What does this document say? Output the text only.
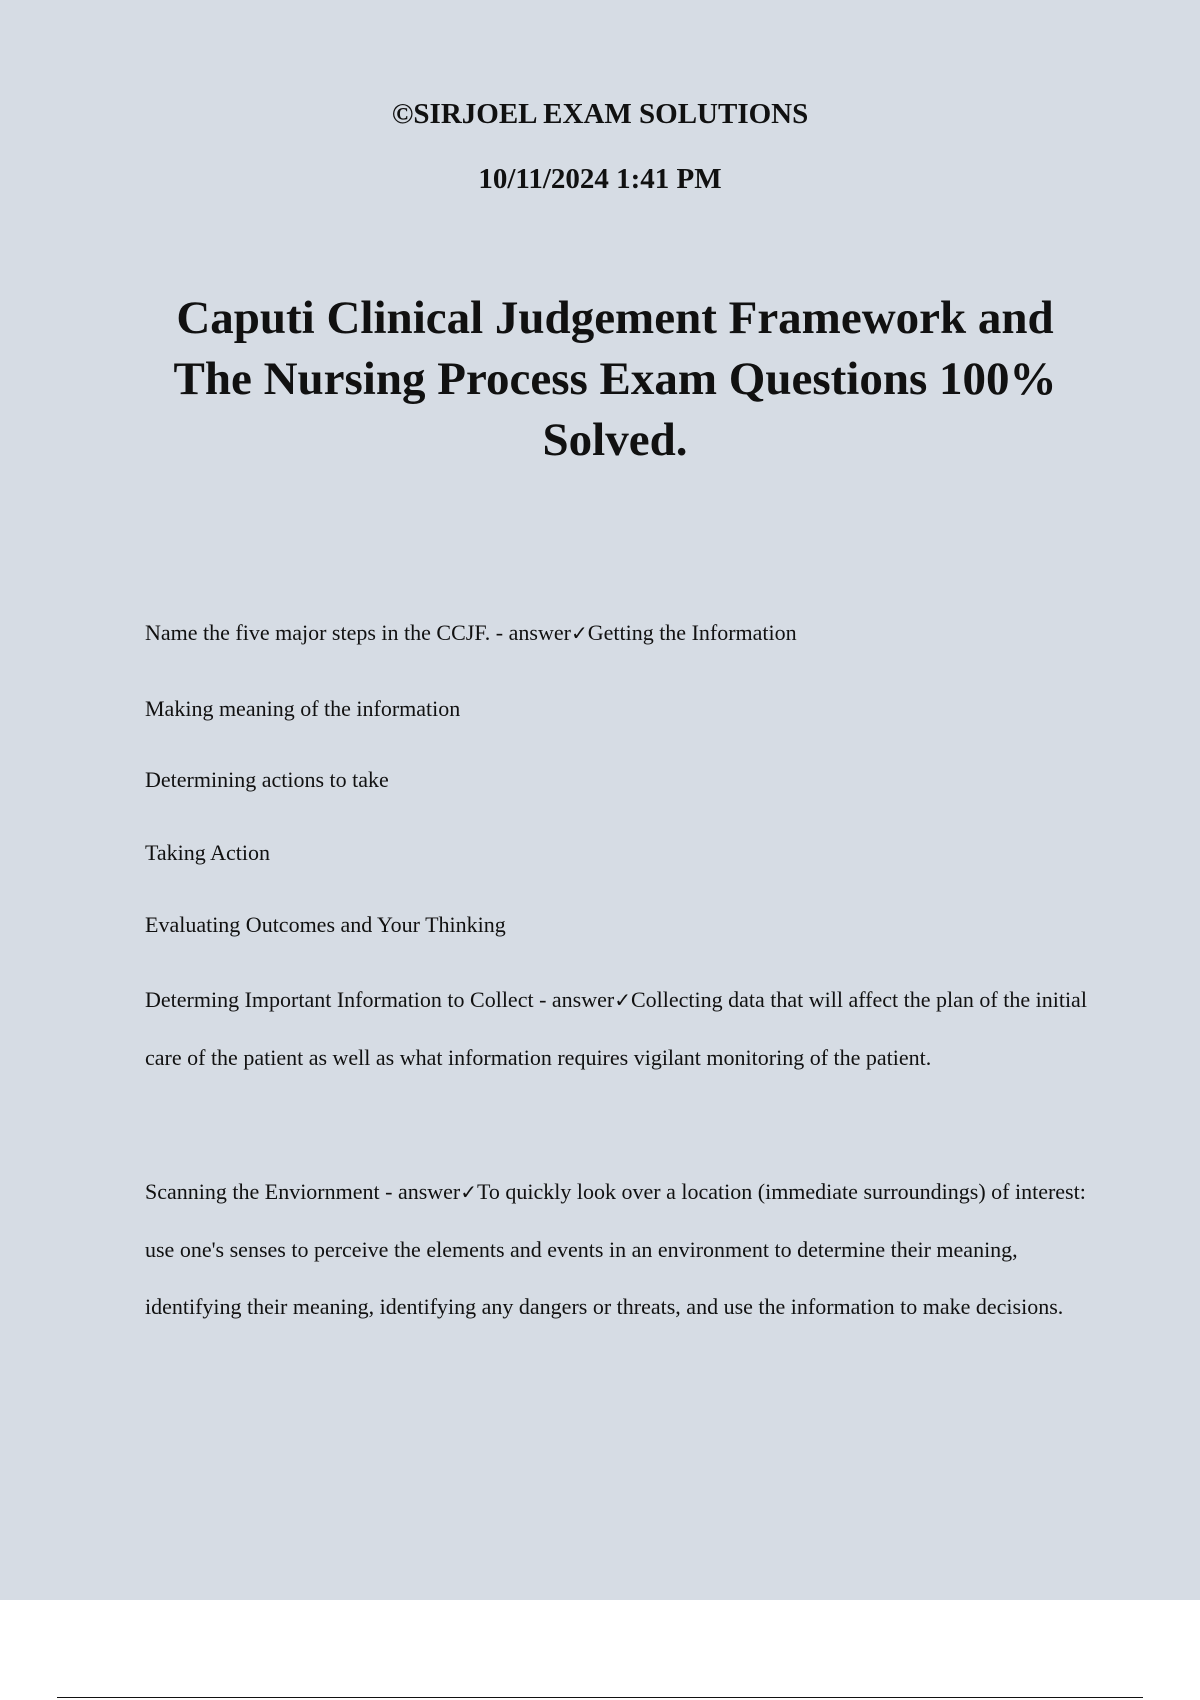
©SIRJOEL EXAM SOLUTIONS
10/11/2024 1:41 PM
Caputi Clinical Judgement Framework and The Nursing Process Exam Questions 100% Solved.
Name the five major steps in the CCJF. - answer✓Getting the Information
Making meaning of the information
Determining actions to take
Taking Action
Evaluating Outcomes and Your Thinking
Determing Important Information to Collect - answer✓Collecting data that will affect the plan of the initial care of the patient as well as what information requires vigilant monitoring of the patient.
Scanning the Enviornment - answer✓To quickly look over a location (immediate surroundings) of interest: use one's senses to perceive the elements and events in an environment to determine their meaning, identifying their meaning, identifying any dangers or threats, and use the information to make decisions.
